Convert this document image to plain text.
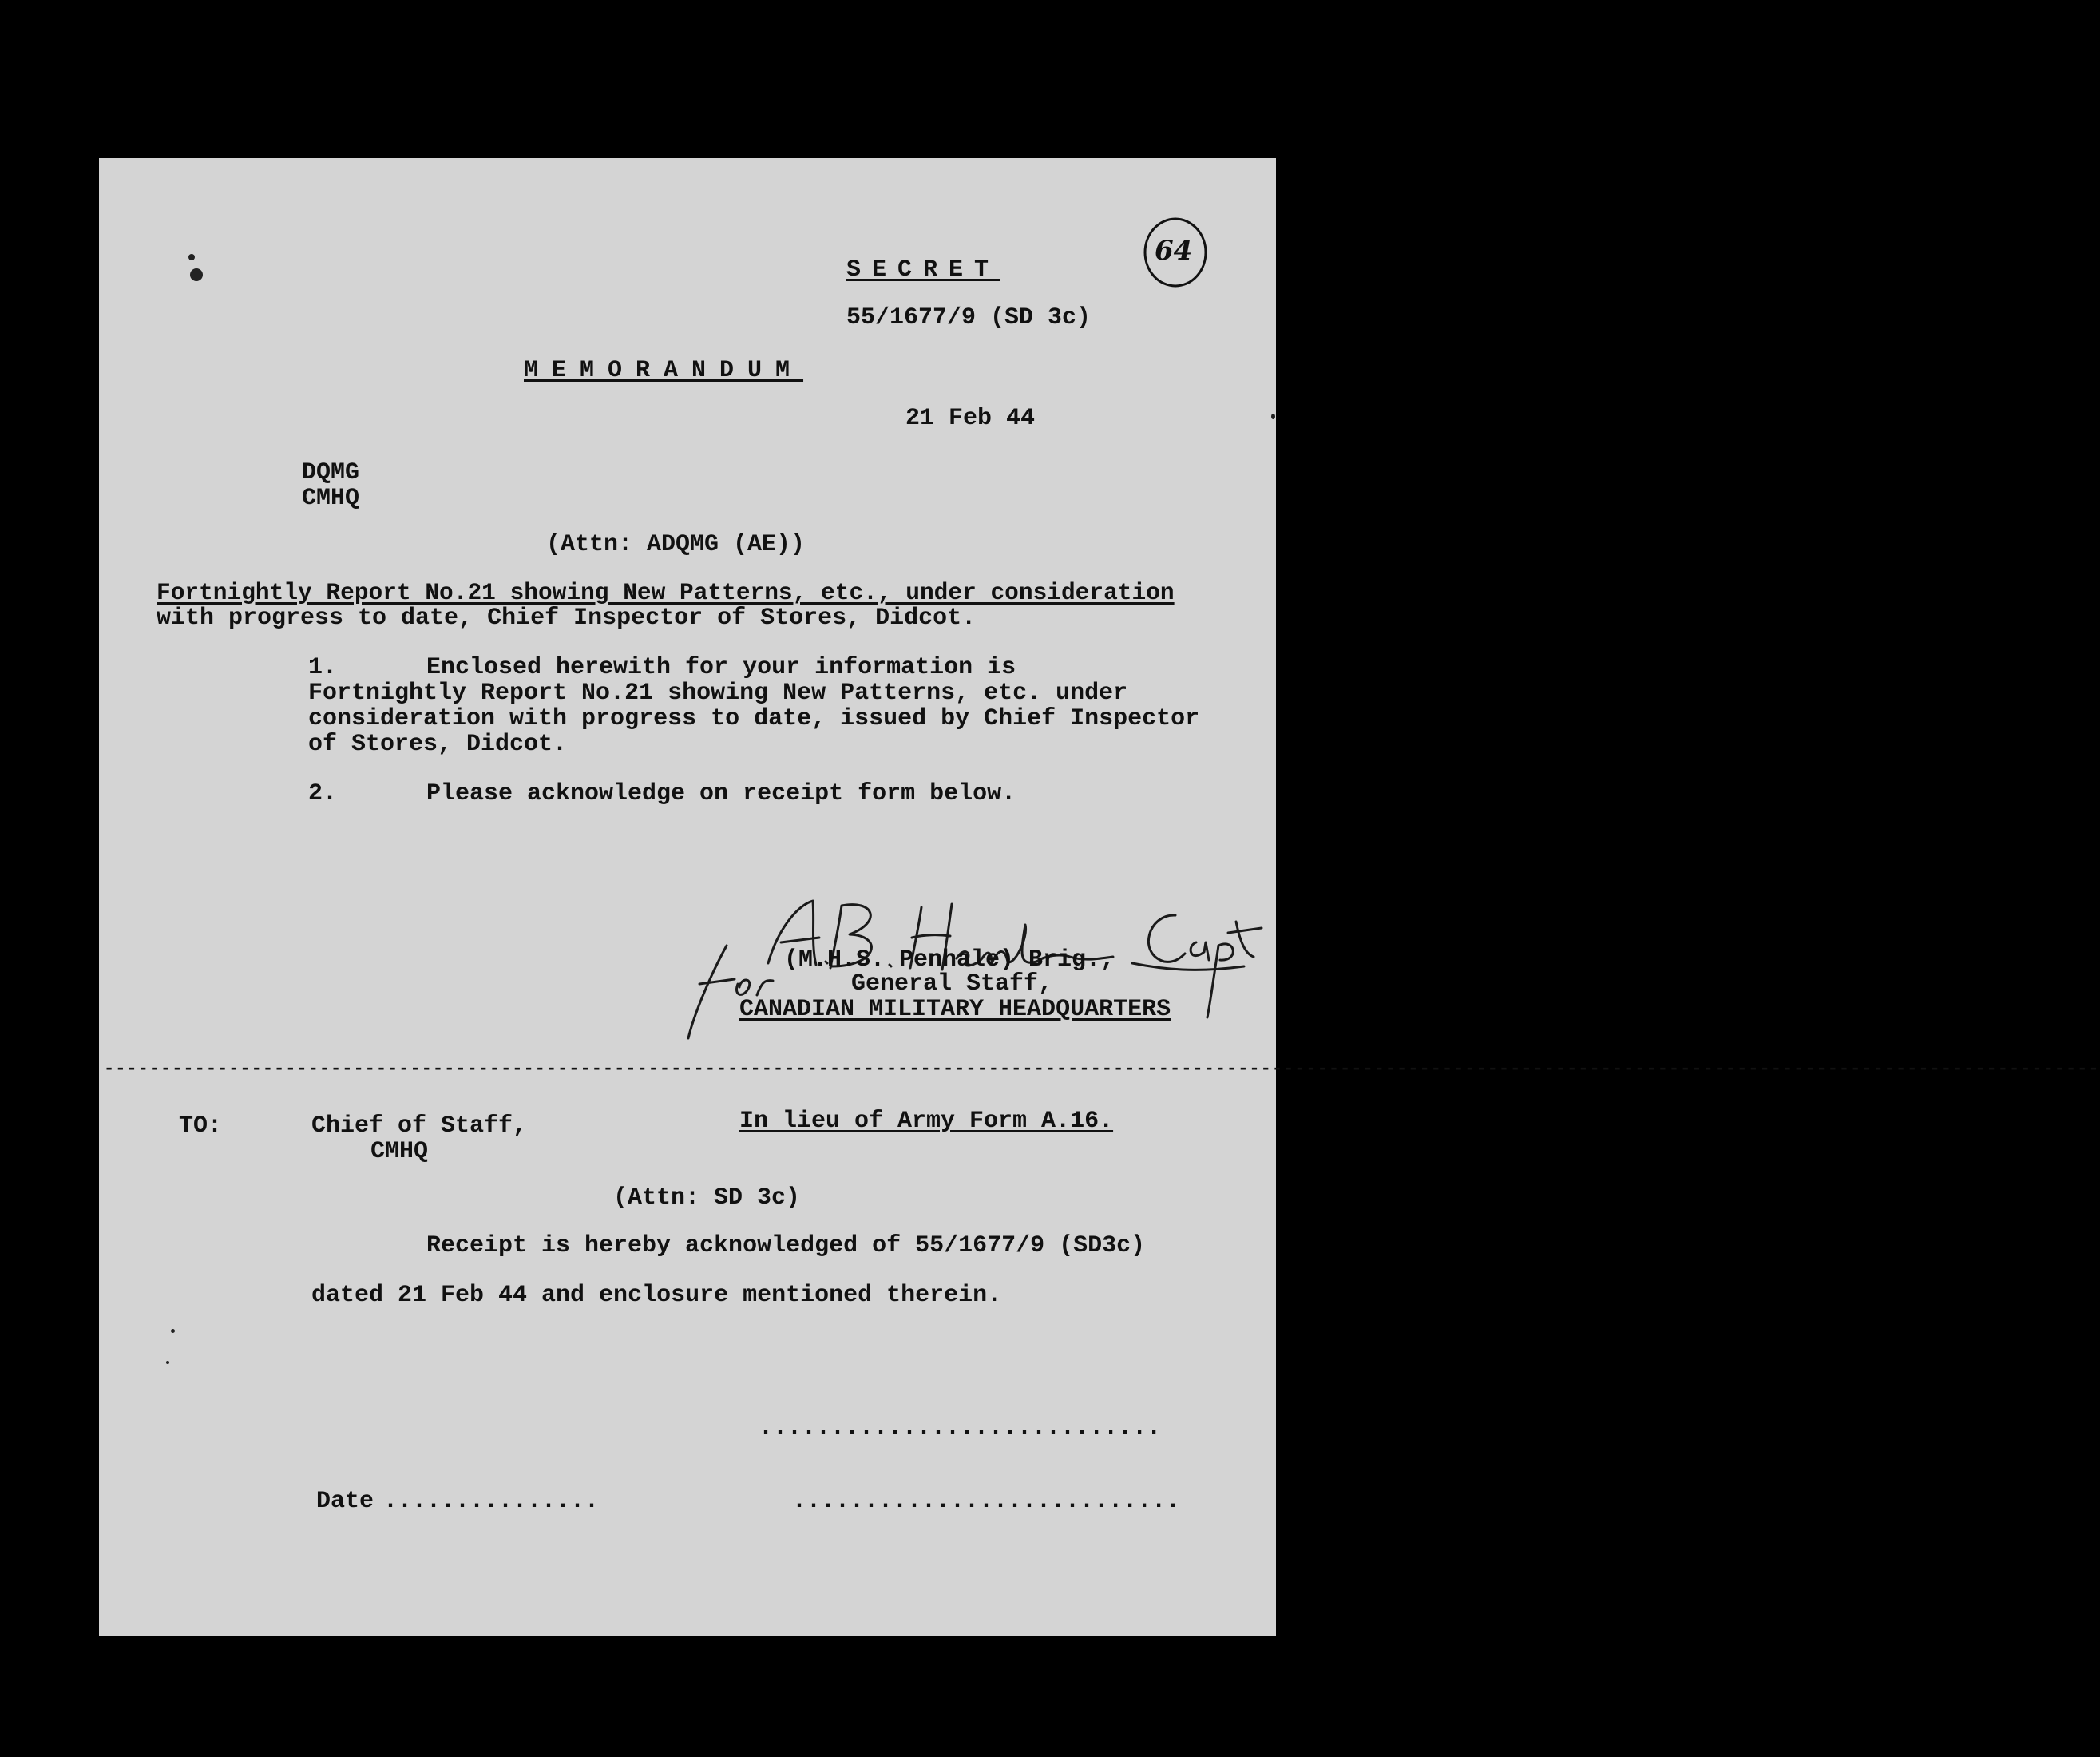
64
SECRET
55/1677/9 (SD 3c)
MEMORANDUM
21 Feb 44
DQMG
CMHQ
(Attn: ADQMG (AE))
Fortnightly Report No.21 showing New Patterns, etc., under consideration
with progress to date, Chief Inspector of Stores, Didcot.
1.	Enclosed herewith for your information is
Fortnightly Report No.21 showing New Patterns, etc. under
consideration with progress to date, issued by Chief Inspector
of Stores, Didcot.
2.	Please acknowledge on receipt form below.
(M.H.S. Penhale) Brig.,
General Staff,
CANADIAN MILITARY HEADQUARTERS
--------------------------------------------------------------------------------------------------------------------------------------------------------------------------------
TO:	Chief of Staff,
CMHQ
In lieu of Army Form A.16.
(Attn: SD 3c)
Receipt is hereby acknowledged of 55/1677/9 (SD3c)
dated 21 Feb 44 and enclosure mentioned therein.
............................
Date ...............	...........................
